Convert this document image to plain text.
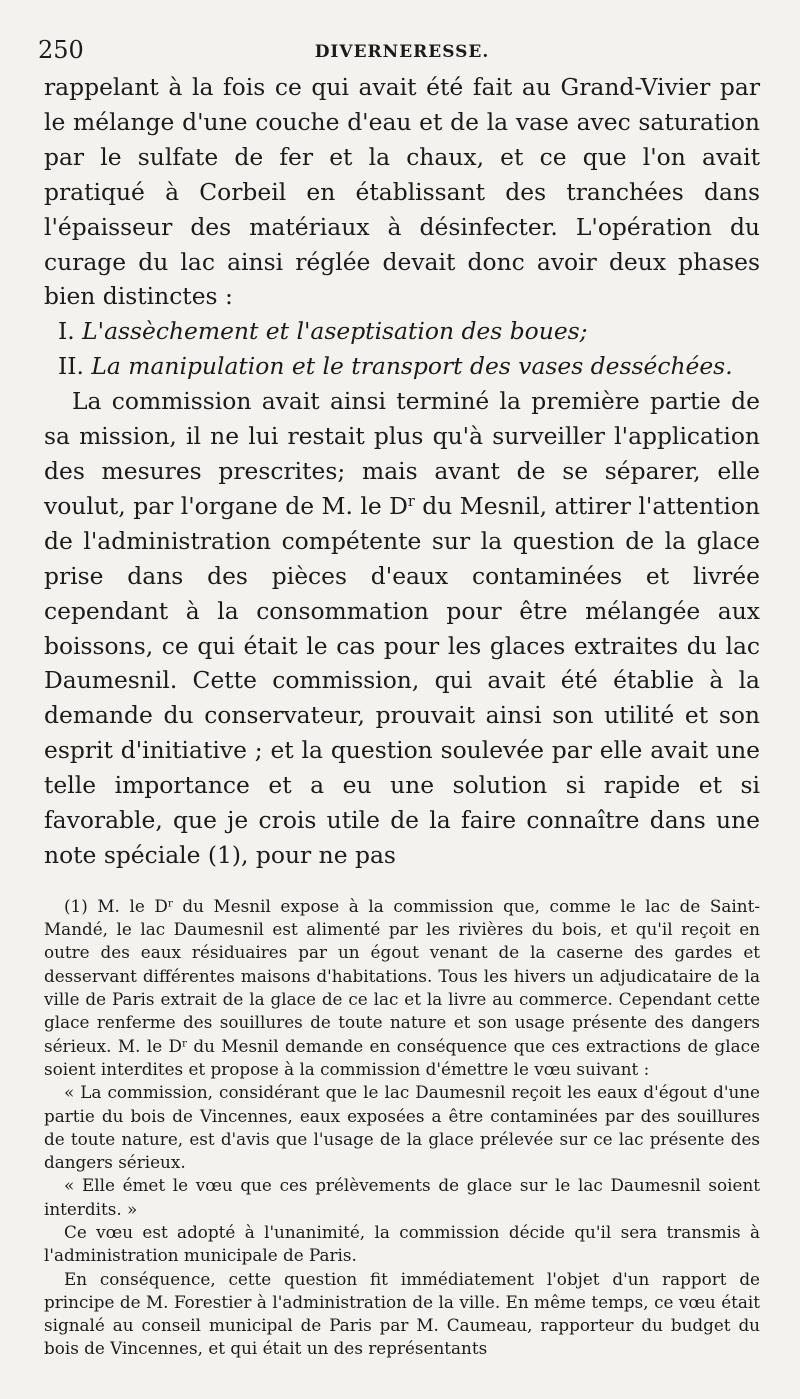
250	DIVERNERESSE.

rappelant à la fois ce qui avait été fait au Grand-Vivier par le mélange d'une couche d'eau et de la vase avec saturation par le sulfate de fer et la chaux, et ce que l'on avait pratiqué à Corbeil en établissant des tranchées dans l'épaisseur des matériaux à désinfecter. L'opération du curage du lac ainsi réglée devait donc avoir deux phases bien distinctes :

I. L'assèchement et l'aseptisation des boues;

II. La manipulation et le transport des vases desséchées.

La commission avait ainsi terminé la première partie de sa mission, il ne lui restait plus qu'à surveiller l'application des mesures prescrites; mais avant de se séparer, elle voulut, par l'organe de M. le $D^r$ du Mesnil, attirer l'attention de l'administration compétente sur la question de la glace prise dans des pièces d'eaux contaminées et livrée cependant à la consommation pour être mélangée aux boissons, ce qui était le cas pour les glaces extraites du lac Daumesnil. Cette commission, qui avait été établie à la demande du conservateur, prouvait ainsi son utilité et son esprit d'initiative ; et la question soulevée par elle avait une telle importance et a eu une solution si rapide et si favorable, que je crois utile de la faire connaître dans une note spéciale (1), pour ne pas

(1) M. le $D^r$ du Mesnil expose à la commission que, comme le lac de Saint-Mandé, le lac Daumesnil est alimenté par les rivières du bois, et qu'il reçoit en outre des eaux résiduaires par un égout venant de la caserne des gardes et desservant différentes maisons d'habitations. Tous les hivers un adjudicataire de la ville de Paris extrait de la glace de ce lac et la livre au commerce. Cependant cette glace renferme des souillures de toute nature et son usage présente des dangers sérieux. M. le $D^r$ du Mesnil demande en conséquence que ces extractions de glace soient interdites et propose à la commission d'émettre le vœu suivant :

« La commission, considérant que le lac Daumesnil reçoit les eaux d'égout d'une partie du bois de Vincennes, eaux exposées a être contaminées par des souillures de toute nature, est d'avis que l'usage de la glace prélevée sur ce lac présente des dangers sérieux.

« Elle émet le vœu que ces prélèvements de glace sur le lac Daumesnil soient interdits. »

Ce vœu est adopté à l'unanimité, la commission décide qu'il sera transmis à l'administration municipale de Paris.

En conséquence, cette question fit immédiatement l'objet d'un rapport de principe de M. Forestier à l'administration de la ville. En même temps, ce vœu était signalé au conseil municipal de Paris par M. Caumeau, rapporteur du budget du bois de Vincennes, et qui était un des représentants
